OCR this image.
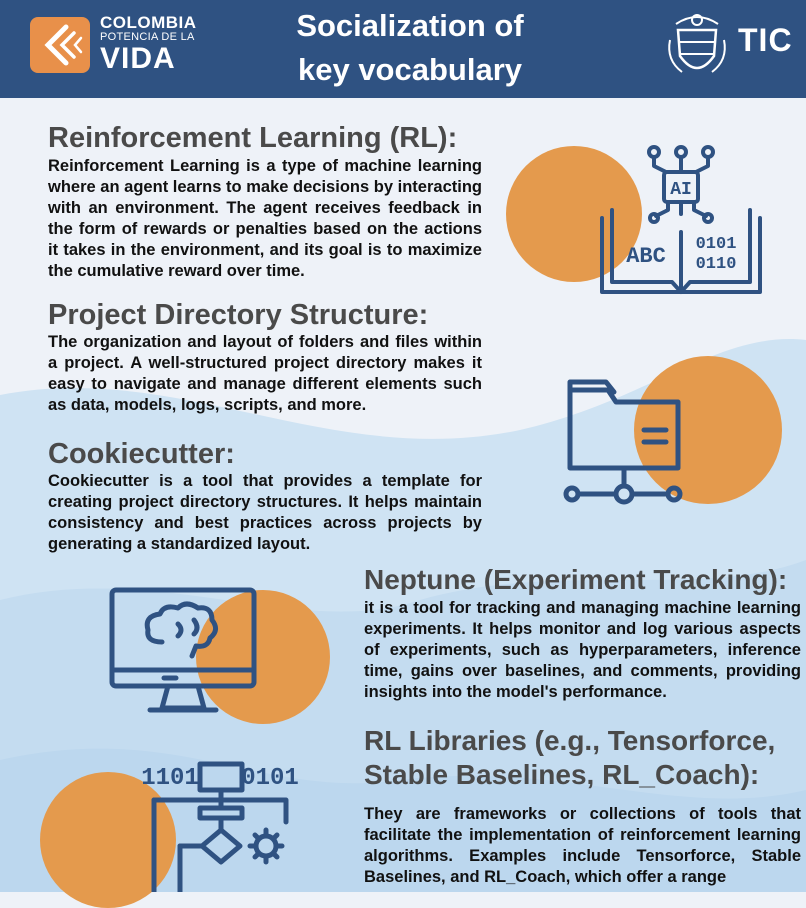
COLOMBIA
POTENCIA DE LA
VIDA
Socialization of
key vocabulary
TIC
Reinforcement Learning (RL):

Reinforcement Learning is a type of machine learning where an agent learns to make decisions by interacting with an environment. The agent receives feedback in the form of rewards or penalties based on the actions it takes in the environment, and its goal is to maximize the cumulative reward over time.

AI
ABC 0101
0110
Project Directory Structure:

The organization and layout of folders and files within a project. A well-structured project directory makes it easy to navigate and manage different elements such as data, models, logs, scripts, and more.

Cookiecutter:

Cookiecutter is a tool that provides a template for creating project directory structures. It helps maintain consistency and best practices across projects by generating a standardized layout.

Neptune (Experiment Tracking):

it is a tool for tracking and managing machine learning experiments. It helps monitor and log various aspects of experiments, such as hyperparameters, inference time, gains over baselines, and comments, providing insights into the model's performance.

1101 0101
RL Libraries (e.g., Tensorforce,
Stable Baselines, RL_Coach):

They are frameworks or collections of tools that facilitate the implementation of reinforcement learning algorithms. Examples include Tensorforce, Stable Baselines, and RL_Coach, which offer a range
